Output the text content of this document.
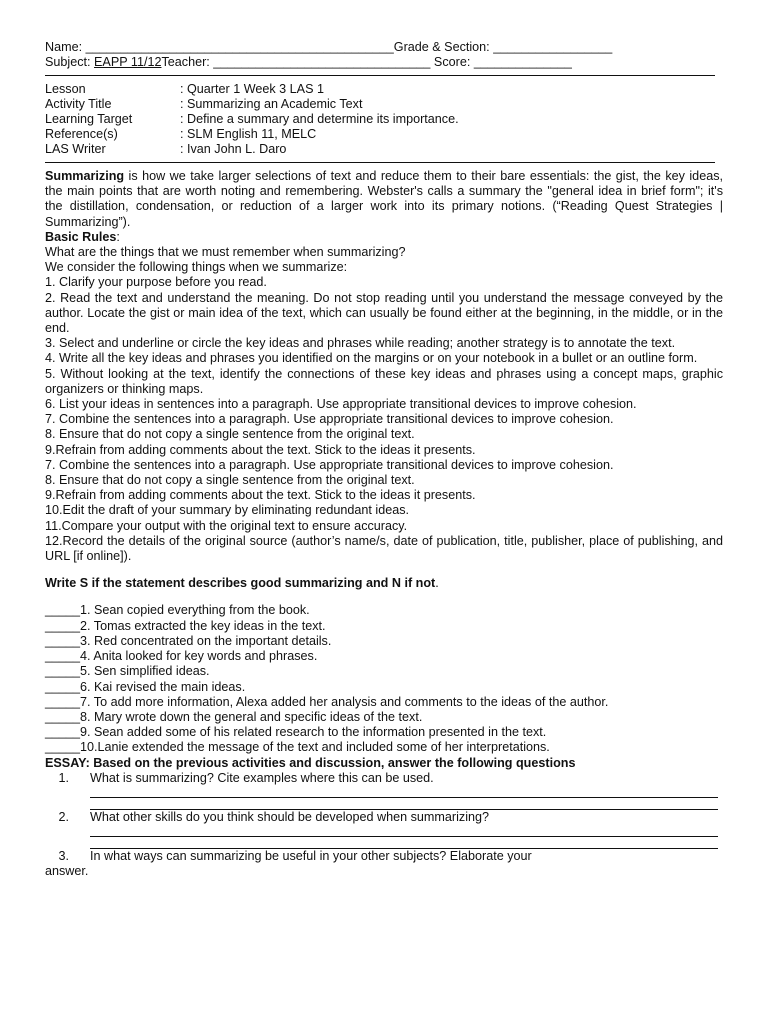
Name: ____________________________________________Grade & Section: _________________
Subject: EAPP 11/12Teacher: _______________________________ Score: ______________
Lesson	: Quarter 1 Week 3 LAS 1
Activity Title	: Summarizing an Academic Text
Learning Target	: Define a summary and determine its importance.
Reference(s)	: SLM English 11, MELC
LAS Writer	: Ivan John L. Daro

Summarizing is how we take larger selections of text and reduce them to their bare essentials: the gist, the key ideas, the main points that are worth noting and remembering. Webster's calls a summary the "general idea in brief form"; it's the distillation, condensation, or reduction of a larger work into its primary notions. (“Reading Quest Strategies | Summarizing”).

Basic Rules:

What are the things that we must remember when summarizing?

We consider the following things when we summarize:

1. Clarify your purpose before you read.

2. Read the text and understand the meaning. Do not stop reading until you understand the message conveyed by the author. Locate the gist or main idea of the text, which can usually be found either at the beginning, in the middle, or in the end.

3. Select and underline or circle the key ideas and phrases while reading; another strategy is to annotate the text.

4. Write all the key ideas and phrases you identified on the margins or on your notebook in a bullet or an outline form.

5. Without looking at the text, identify the connections of these key ideas and phrases using a concept maps, graphic organizers or thinking maps.

6. List your ideas in sentences into a paragraph. Use appropriate transitional devices to improve cohesion.

7. Combine the sentences into a paragraph. Use appropriate transitional devices to improve cohesion.

8. Ensure that do not copy a single sentence from the original text.

9.Refrain from adding comments about the text. Stick to the ideas it presents.

7. Combine the sentences into a paragraph. Use appropriate transitional devices to improve cohesion.

8. Ensure that do not copy a single sentence from the original text.

9.Refrain from adding comments about the text. Stick to the ideas it presents.

10.Edit the draft of your summary by eliminating redundant ideas.

11.Compare your output with the original text to ensure accuracy.

12.Record the details of the original source (author’s name/s, date of publication, title, publisher, place of publishing, and URL [if online]).

Write S if the statement describes good summarizing and N if not.

_____1. Sean copied everything from the book.

_____2. Tomas extracted the key ideas in the text.

_____3. Red concentrated on the important details.

_____4. Anita looked for key words and phrases.

_____5. Sen simplified ideas.

_____6. Kai revised the main ideas.

_____7. To add more information, Alexa added her analysis and comments to the ideas of the author.

_____8. Mary wrote down the general and specific ideas of the text.

_____9. Sean added some of his related research to the information presented in the text.

_____10.Lanie extended the message of the text and included some of her interpretations.

ESSAY: Based on the previous activities and discussion, answer the following questions

1. What is summarizing? Cite examples where this can be used.

2. What other skills do you think should be developed when summarizing?

3. In what ways can summarizing be useful in your other subjects? Elaborate your

answer.
